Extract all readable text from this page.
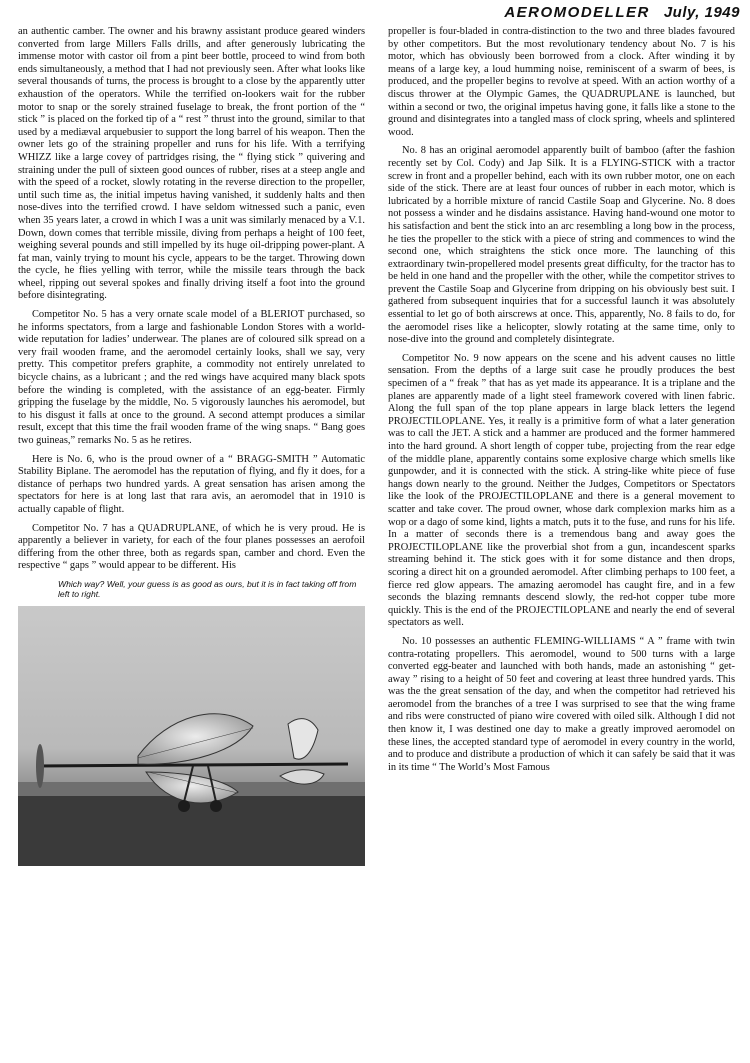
AEROMODELLER July, 1949

an authentic camber. The owner and his brawny assistant produce geared winders converted from large Millers Falls drills, and after generously lubricating the immense motor with castor oil from a pint beer bottle, proceed to wind from both ends simultaneously, a method that I had not previously seen. After what looks like several thousands of turns, the process is brought to a close by the apparently utter exhaustion of the operators. While the terrified on-lookers wait for the rubber motor to snap or the sorely strained fuselage to break, the front portion of the “ stick ” is placed on the forked tip of a “ rest ” thrust into the ground, similar to that used by a mediæval arquebusier to support the long barrel of his weapon. Then the owner lets go of the straining propeller and runs for his life. With a terrifying WHIZZ like a large covey of partridges rising, the “ flying stick ” quivering and straining under the pull of sixteen good ounces of rubber, rises at a steep angle and with the speed of a rocket, slowly rotating in the reverse direction to the propeller, until such time as, the initial impetus having vanished, it suddenly halts and then nose-dives into the terrified crowd. I have seldom witnessed such a panic, even when 35 years later, a crowd in which I was a unit was similarly menaced by a V.1. Down, down comes that terrible missile, diving from perhaps a height of 100 feet, weighing several pounds and still impelled by its huge oil-dripping power-plant. A fat man, vainly trying to mount his cycle, appears to be the target. Throwing down the cycle, he flies yelling with terror, while the missile tears through the back wheel, ripping out several spokes and finally driving itself a foot into the ground before disintegrating.

Competitor No. 5 has a very ornate scale model of a BLERIOT purchased, so he informs spectators, from a large and fashionable London Stores with a world-wide reputation for ladies’ underwear. The planes are of coloured silk spread on a very frail wooden frame, and the aeromodel certainly looks, shall we say, very pretty. This competitor prefers graphite, a commodity not entirely unrelated to bicycle chains, as a lubricant ; and the red wings have acquired many black spots before the winding is completed, with the assistance of an egg-beater. Firmly gripping the fuselage by the middle, No. 5 vigorously launches his aeromodel, but to his disgust it falls at once to the ground. A second attempt produces a similar result, except that this time the frail wooden frame of the wing snaps. “ Bang goes two guineas,” remarks No. 5 as he retires.

Here is No. 6, who is the proud owner of a “ BRAGG-SMITH ” Automatic Stability Biplane. The aeromodel has the reputation of flying, and fly it does, for a distance of perhaps two hundred yards. A great sensation has arisen among the spectators for here is at long last that rara avis, an aeromodel that in 1910 is actually capable of flight.

Competitor No. 7 has a QUADRUPLANE, of which he is very proud. He is apparently a believer in variety, for each of the four planes possesses an aerofoil differing from the other three, both as regards span, camber and chord. Even the respective “ gaps ” would appear to be different. His

Which way? Well, your guess is as good as ours, but it is in fact taking off from left to right.

propeller is four-bladed in contra-distinction to the two and three blades favoured by other competitors. But the most revolutionary tendency about No. 7 is his motor, which has obviously been borrowed from a clock. After winding it by means of a large key, a loud humming noise, reminiscent of a swarm of bees, is produced, and the propeller begins to revolve at speed. With an action worthy of a discus thrower at the Olympic Games, the QUADRUPLANE is launched, but within a second or two, the original impetus having gone, it falls like a stone to the ground and disintegrates into a tangled mass of clock spring, wheels and splintered wood.

No. 8 has an original aeromodel apparently built of bamboo (after the fashion recently set by Col. Cody) and Jap Silk. It is a FLYING-STICK with a tractor screw in front and a propeller behind, each with its own rubber motor, one on each side of the stick. There are at least four ounces of rubber in each motor, which is lubricated by a horrible mixture of rancid Castile Soap and Glycerine. No. 8 does not possess a winder and he disdains assistance. Having hand-wound one motor to his satisfaction and bent the stick into an arc resembling a long bow in the process, he ties the propeller to the stick with a piece of string and commences to wind the second one, which straightens the stick once more. The launching of this extraordinary twin-propellered model presents great difficulty, for the tractor has to be held in one hand and the propeller with the other, while the competitor strives to prevent the Castile Soap and Glycerine from dripping on his obviously best suit. I gathered from subsequent inquiries that for a successful launch it was absolutely essential to let go of both airscrews at once. This, apparently, No. 8 fails to do, for the aeromodel rises like a helicopter, slowly rotating at the same time, only to nose-dive into the ground and completely disintegrate.

Competitor No. 9 now appears on the scene and his advent causes no little sensation. From the depths of a large suit case he proudly produces the best specimen of a “ freak ” that has as yet made its appearance. It is a triplane and the planes are apparently made of a light steel framework covered with linen fabric. Along the full span of the top plane appears in large black letters the legend PROJECTILOPLANE. Yes, it really is a primitive form of what a later generation was to call the JET. A stick and a hammer are produced and the former hammered into the hard ground. A short length of copper tube, projecting from the rear edge of the middle plane, apparently contains some explosive charge which smells like gunpowder, and it is connected with the stick. A string-like white piece of fuse hangs down nearly to the ground. Neither the Judges, Competitors or Spectators like the look of the PROJECTILOPLANE and there is a general movement to scatter and take cover. The proud owner, whose dark complexion marks him as a wop or a dago of some kind, lights a match, puts it to the fuse, and runs for his life. In a matter of seconds there is a tremendous bang and away goes the PROJECTILOPLANE like the proverbial shot from a gun, incandescent sparks streaming behind it. The stick goes with it for some distance and then drops, scoring a direct hit on a grounded aeromodel. After climbing perhaps to 100 feet, a fierce red glow appears. The amazing aeromodel has caught fire, and in a few seconds the blazing remnants descend slowly, the red-hot copper tube more quickly. This is the end of the PROJECTILOPLANE and nearly the end of several spectators as well.

No. 10 possesses an authentic FLEMING-WILLIAMS “ A ” frame with twin contra-rotating propellers. This aeromodel, wound to 500 turns with a large converted egg-beater and launched with both hands, made an astonishing “ get-away ” rising to a height of 50 feet and covering at least three hundred yards. This was the the great sensation of the day, and when the competitor had retrieved his aeromodel from the branches of a tree I was surprised to see that the wing frame and ribs were constructed of piano wire covered with oiled silk. Although I did not then know it, I was destined one day to make a greatly improved aeromodel on these lines, the accepted standard type of aeromodel in every country in the world, and to produce and distribute a production of which it can safely be said that it was in its time “ The World’s Most Famous
